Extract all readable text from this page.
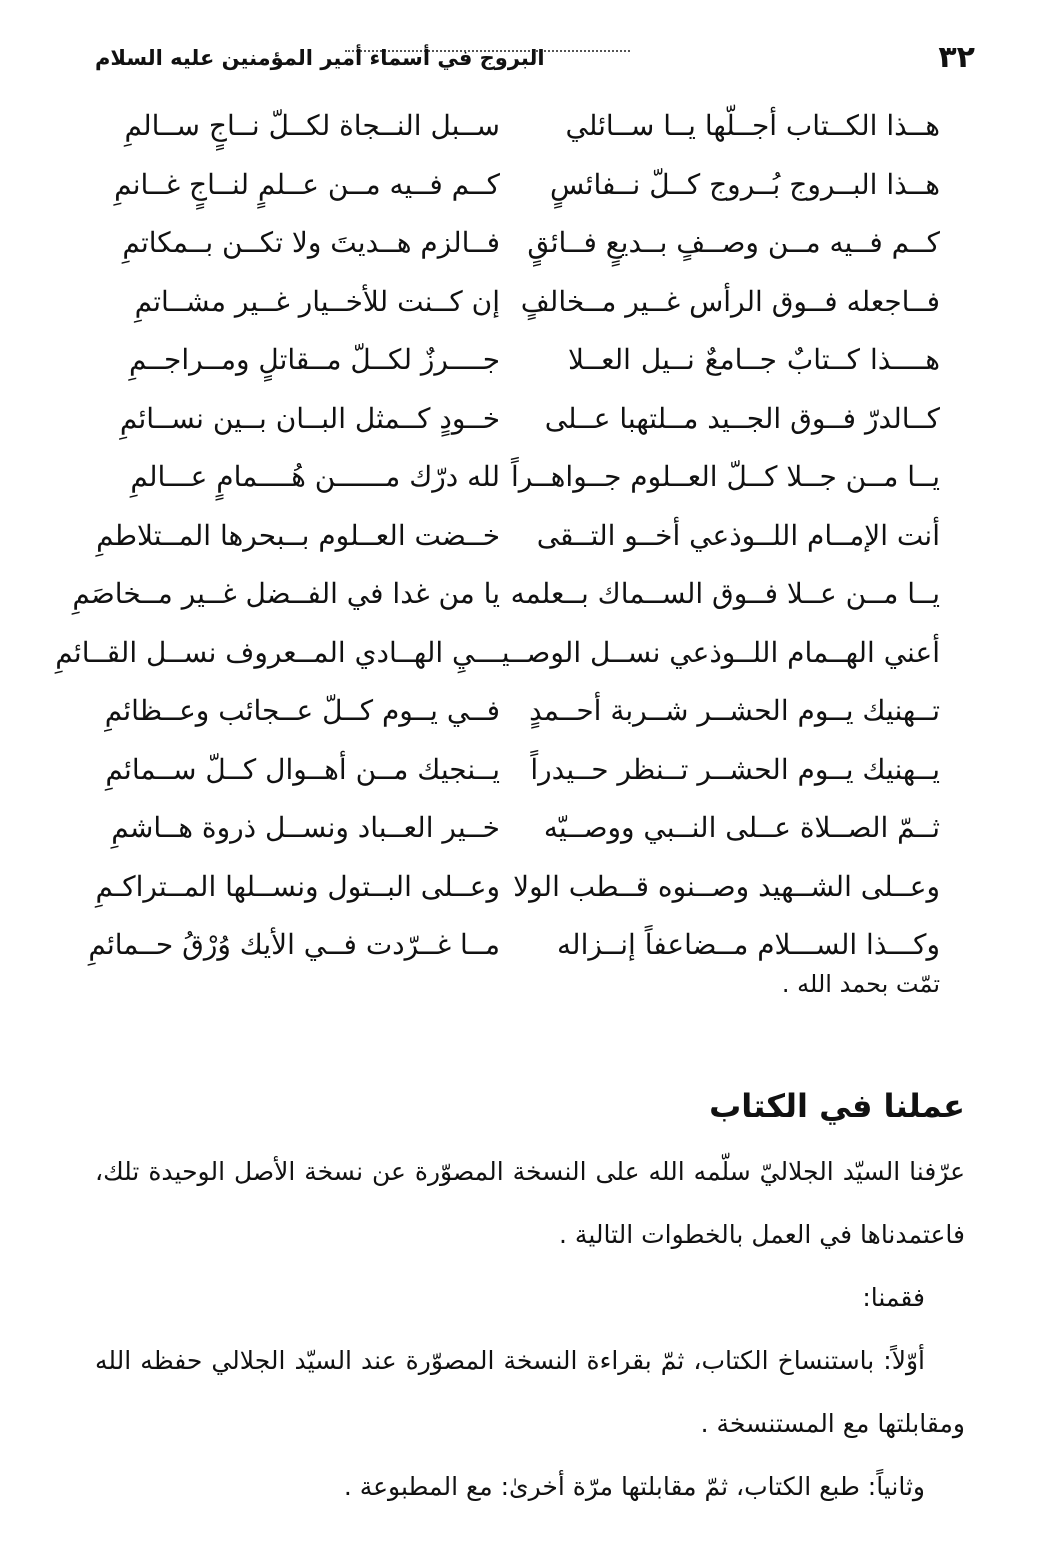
٣٢
البروج في أسماء أمير المؤمنين عليه السلام
هــذا الكــتاب أجــلّها يــا ســائلي
ســبل النــجاة لكــلّ نــاجٍ ســالمِ
هــذا البــروج بُــروج كــلّ نــفائسٍ
كــم فــيه مــن عــلمٍ لنــاجٍ غــانمِ
كــم فــيه مــن وصــفٍ بــديعٍ فــائقٍ
فــالزم هــديتَ ولا تكــن بــمكاتمِ
فــاجعله فــوق الرأس غــير مــخالفٍ
إن كــنت للأخــيار غــير مشــاتمِ
هــــذا كــتابٌ جــامعٌ نــيل العــلا
جــــرزٌ لكــلّ مــقاتلٍ ومــراجــمِ
كــالدرّ فــوق الجــيد مــلتهبا عــلى
خــودٍ كــمثل البــان بــين نســائمِ
يــا مــن جــلا كــلّ العــلوم جــواهــراً
لله درّك مــــــن هُــــمامٍ عـــالمِ
أنت الإمــام اللــوذعي أخــو التــقى
خــضت العــلوم بــبحرها المــتلاطمِ
يــا مــن عــلا فــوق الســماك بــعلمه
يا من غدا في الفــضل غــير مــخاصَمِ
أعني الهــمام اللــوذعي نســل الوصــيـ
ـــيِ الهــادي المــعروف نســل القــائمِ
تــهنيك يــوم الحشــر شــربة أحــمدٍ
فــي يــوم كــلّ عــجائب وعــظائمِ
يــهنيك يــوم الحشــر تــنظر حــيدراً
يــنجيك مــن أهــوال كــلّ ســمائمِ
ثــمّ الصــلاة عــلى النــبي ووصــيّه
خــير العــباد ونســل ذروة هــاشمِ
وعــلى الشــهيد وصــنوه قــطب الولا
وعــلى البــتول ونســلها المــتراكـمِ
وكـــذا الســـلام مــضاعفاً إنــزاله
مــا غــرّدت فــي الأيك وُرْقُ حــمائمِ
تمّت بحمد الله .
عملنا في الكتاب

عرّفنا السيّد الجلاليّ سلّمه الله على النسخة المصوّرة عن نسخة الأصل الوحيدة تلك،

فاعتمدناها في العمل بالخطوات التالية .

فقمنا:

أوّلاً: باستنساخ الكتاب، ثمّ بقراءة النسخة المصوّرة عند السيّد الجلالي حفظه الله

ومقابلتها مع المستنسخة .

وثانياً: طبع الكتاب، ثمّ مقابلتها مرّة أخرىٰ: مع المطبوعة .
